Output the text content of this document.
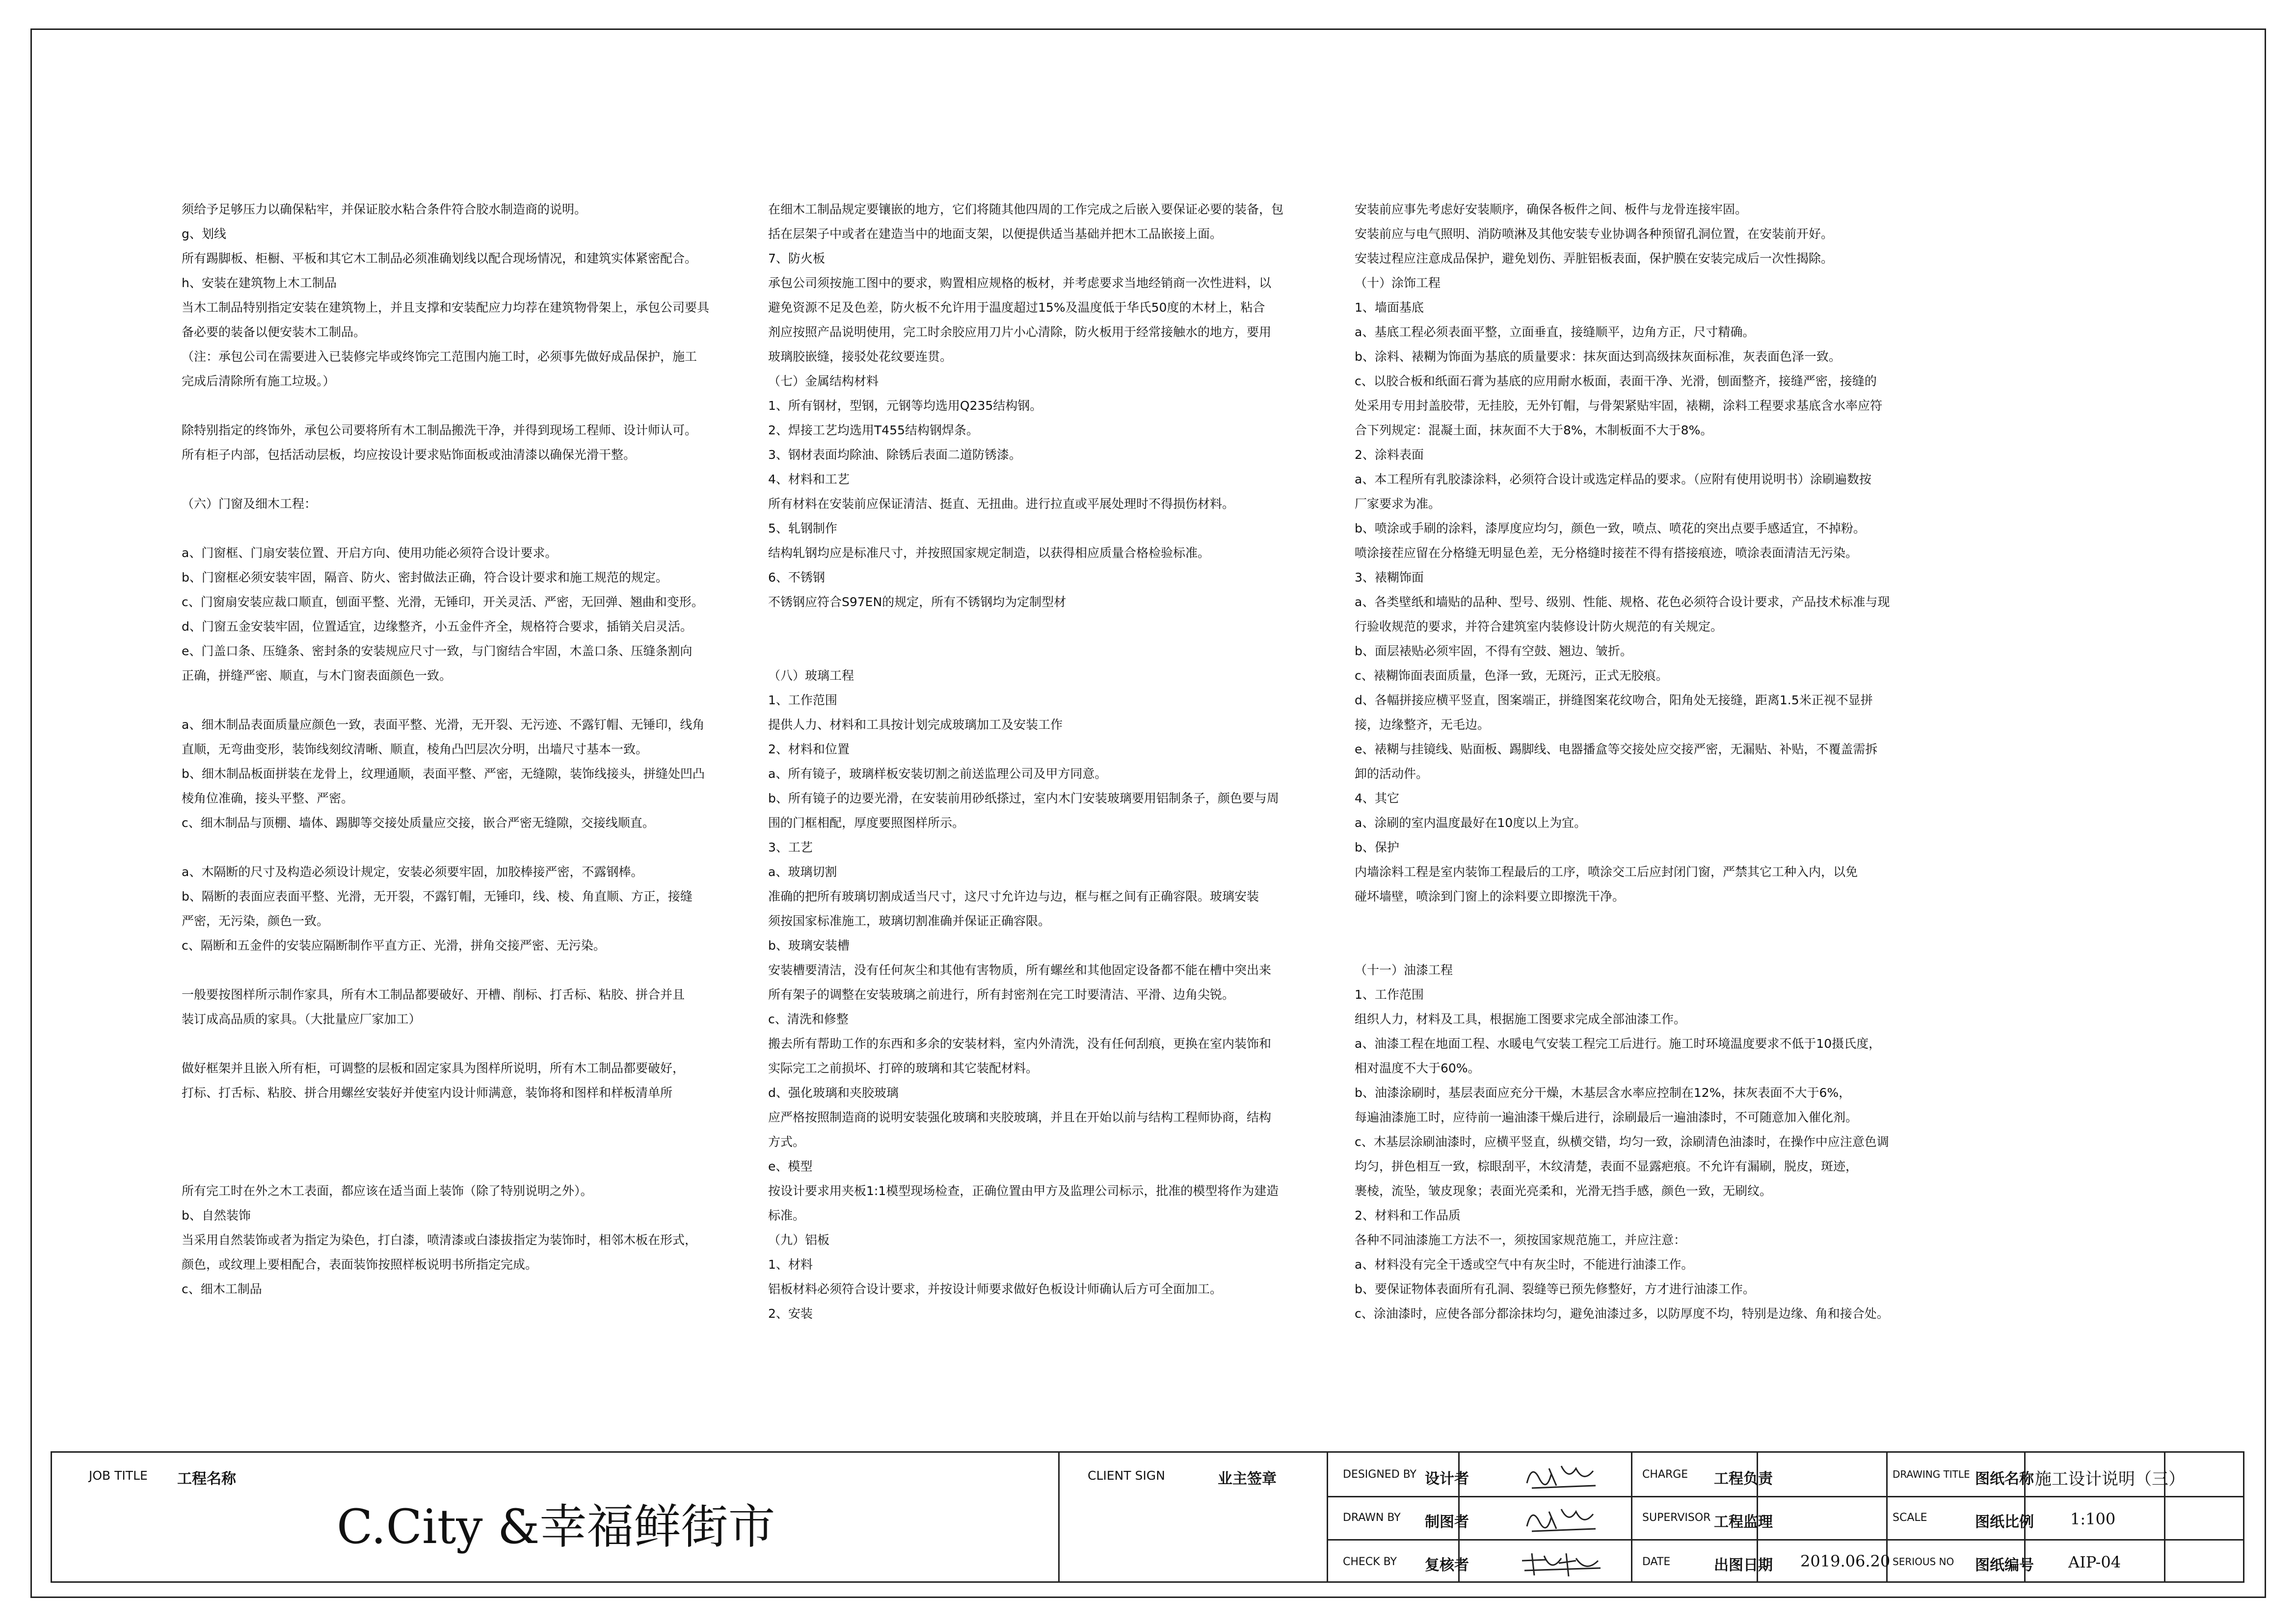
须给予足够压力以确保粘牢，并保证胶水粘合条件符合胶水制造商的说明。
g、划线
所有踢脚板、柜橱、平板和其它木工制品必须准确划线以配合现场情况，和建筑实体紧密配合。
h、安装在建筑物上木工制品
当木工制品特别指定安装在建筑物上，并且支撑和安装配应力均荐在建筑物骨架上，承包公司要具
备必要的装备以便安装木工制品。
（注：承包公司在需要进入已装修完毕或终饰完工范围内施工时，必须事先做好成品保护，施工
完成后清除所有施工垃圾。）
除特别指定的终饰外，承包公司要将所有木工制品搬洗干净，并得到现场工程师、设计师认可。
所有柜子内部，包括活动层板，均应按设计要求贴饰面板或油清漆以确保光滑干整。
（六）门窗及细木工程：
a、门窗框、门扇安装位置、开启方向、使用功能必须符合设计要求。
b、门窗框必须安装牢固，隔音、防火、密封做法正确，符合设计要求和施工规范的规定。
c、门窗扇安装应裁口顺直，刨面平整、光滑，无锤印，开关灵活、严密，无回弹、翘曲和变形。
d、门窗五金安装牢固，位置适宜，边缘整齐，小五金件齐全，规格符合要求，插销关启灵活。
e、门盖口条、压缝条、密封条的安装规应尺寸一致，与门窗结合牢固，木盖口条、压缝条割向
正确，拼缝严密、顺直，与木门窗表面颜色一致。
a、细木制品表面质量应颜色一致，表面平整、光滑，无开裂、无污迹、不露钉帽、无锤印，线角
直顺，无弯曲变形，装饰线刻纹清晰、顺直，棱角凸凹层次分明，出墙尺寸基本一致。
b、细木制品板面拼装在龙骨上，纹理通顺，表面平整、严密，无缝隙，装饰线接头，拼缝处凹凸
棱角位准确，接头平整、严密。
c、细木制品与顶棚、墙体、踢脚等交接处质量应交接，嵌合严密无缝隙，交接线顺直。
a、木隔断的尺寸及构造必须设计规定，安装必须要牢固，加胶棒接严密，不露钢棒。
b、隔断的表面应表面平整、光滑，无开裂，不露钉帽，无锤印，线、棱、角直顺、方正，接缝
严密，无污染，颜色一致。
c、隔断和五金件的安装应隔断制作平直方正、光滑，拼角交接严密、无污染。
一般要按图样所示制作家具，所有木工制品都要破好、开槽、削标、打舌标、粘胶、拼合并且
装订成高品质的家具。（大批量应厂家加工）
做好框架并且嵌入所有柜，可调整的层板和固定家具为图样所说明，所有木工制品都要破好，
打标、打舌标、粘胶、拼合用螺丝安装好并使室内设计师满意，装饰将和图样和样板清单所
所有完工时在外之木工表面，都应该在适当面上装饰（除了特别说明之外）。
b、自然装饰
当采用自然装饰或者为指定为染色，打白漆，喷清漆或白漆拔指定为装饰时，相邻木板在形式，
颜色，或纹理上要相配合，表面装饰按照样板说明书所指定完成。
c、细木工制品
在细木工制品规定要镶嵌的地方，它们将随其他四周的工作完成之后嵌入要保证必要的装备，包
括在层架子中或者在建造当中的地面支架，以便提供适当基础并把木工品嵌接上面。
7、防火板
承包公司须按施工图中的要求，购置相应规格的板材，并考虑要求当地经销商一次性进料，以
避免资源不足及色差，防火板不允许用于温度超过15%及温度低于华氏50度的木材上，粘合
剂应按照产品说明使用，完工时余胶应用刀片小心清除，防火板用于经常接触水的地方，要用
玻璃胶嵌缝，接驳处花纹要连贯。
（七）金属结构材料
1、所有钢材，型钢，元钢等均选用Q235结构钢。
2、焊接工艺均选用T455结构钢焊条。
3、钢材表面均除油、除锈后表面二道防锈漆。
4、材料和工艺
所有材料在安装前应保证清洁、挺直、无扭曲。进行拉直或平展处理时不得损伤材料。
5、轧钢制作
结构轧钢均应是标准尺寸，并按照国家规定制造，以获得相应质量合格检验标准。
6、不锈钢
不锈钢应符合S97EN的规定，所有不锈钢均为定制型材
（八）玻璃工程
1、工作范围
提供人力、材料和工具按计划完成玻璃加工及安装工作
2、材料和位置
a、所有镜子，玻璃样板安装切割之前送监理公司及甲方同意。
b、所有镜子的边要光滑，在安装前用砂纸搽过，室内木门安装玻璃要用铝制条子，颜色要与周
围的门框相配，厚度要照图样所示。
3、工艺
a、玻璃切割
准确的把所有玻璃切割成适当尺寸，这尺寸允许边与边，框与框之间有正确容限。玻璃安装
须按国家标准施工，玻璃切割准确并保证正确容限。
b、玻璃安装槽
安装槽要清洁，没有任何灰尘和其他有害物质，所有螺丝和其他固定设备都不能在槽中突出来
所有架子的调整在安装玻璃之前进行，所有封密剂在完工时要清洁、平滑、边角尖锐。
c、清洗和修整
搬去所有帮助工作的东西和多余的安装材料，室内外清洗，没有任何刮痕，更换在室内装饰和
实际完工之前损坏、打碎的玻璃和其它装配材料。
d、强化玻璃和夹胶玻璃
应严格按照制造商的说明安装强化玻璃和夹胶玻璃，并且在开始以前与结构工程师协商，结构
方式。
e、模型
按设计要求用夹板1:1模型现场检查，正确位置由甲方及监理公司标示，批准的模型将作为建造
标准。
（九）铝板
1、材料
铝板材料必须符合设计要求，并按设计师要求做好色板设计师确认后方可全面加工。
2、安装
安装前应事先考虑好安装顺序，确保各板件之间、板件与龙骨连接牢固。
安装前应与电气照明、消防喷淋及其他安装专业协调各种预留孔洞位置，在安装前开好。
安装过程应注意成品保护，避免划伤、弄脏铝板表面，保护膜在安装完成后一次性揭除。
（十）涂饰工程
1、墙面基底
a、基底工程必须表面平整，立面垂直，接缝顺平，边角方正，尺寸精确。
b、涂料、裱糊为饰面为基底的质量要求：抹灰面达到高级抹灰面标准，灰表面色泽一致。
c、以胶合板和纸面石膏为基底的应用耐水板面，表面干净、光滑，刨面整齐，接缝严密，接缝的
处采用专用封盖胶带，无挂胶，无外钉帽，与骨架紧贴牢固，裱糊，涂料工程要求基底含水率应符
合下列规定：混凝土面，抹灰面不大于8%，木制板面不大于8%。
2、涂料表面
a、本工程所有乳胶漆涂料，必须符合设计或选定样品的要求。（应附有使用说明书）涂刷遍数按
厂家要求为准。
b、喷涂或手刷的涂料，漆厚度应均匀，颜色一致，喷点、喷花的突出点要手感适宜，不掉粉。
喷涂接茬应留在分格缝无明显色差，无分格缝时接茬不得有搭接痕迹，喷涂表面清洁无污染。
3、裱糊饰面
a、各类壁纸和墙贴的品种、型号、级别、性能、规格、花色必须符合设计要求，产品技术标准与现
行验收规范的要求，并符合建筑室内装修设计防火规范的有关规定。
b、面层裱贴必须牢固，不得有空鼓、翘边、皱折。
c、裱糊饰面表面质量，色泽一致，无斑污，正式无胶痕。
d、各幅拼接应横平竖直，图案端正，拼缝图案花纹吻合，阳角处无接缝，距离1.5米正视不显拼
接，边缘整齐，无毛边。
e、裱糊与挂镜线、贴面板、踢脚线、电器播盒等交接处应交接严密，无漏贴、补贴，不覆盖需拆
卸的活动件。
4、其它
a、涂刷的室内温度最好在10度以上为宜。
b、保护
内墙涂料工程是室内装饰工程最后的工序，喷涂交工后应封闭门窗，严禁其它工种入内，以免
碰坏墙壁，喷涂到门窗上的涂料要立即擦洗干净。
（十一）油漆工程
1、工作范围
组织人力，材料及工具，根据施工图要求完成全部油漆工作。
a、油漆工程在地面工程、水暖电气安装工程完工后进行。施工时环境温度要求不低于10摄氏度，
相对温度不大于60%。
b、油漆涂刷时，基层表面应充分干燥，木基层含水率应控制在12%，抹灰表面不大于6%，
每遍油漆施工时，应待前一遍油漆干燥后进行，涂刷最后一遍油漆时，不可随意加入催化剂。
c、木基层涂刷油漆时，应横平竖直，纵横交错，均匀一致，涂刷清色油漆时，在操作中应注意色调
均匀，拼色相互一致，棕眼刮平，木纹清楚，表面不显露疤痕。不允许有漏刷，脱皮，斑迹，
裹棱，流坠，皱皮现象；表面光亮柔和，光滑无挡手感，颜色一致，无刷纹。
2、材料和工作品质
各种不同油漆施工方法不一，须按国家规范施工，并应注意：
a、材料没有完全干透或空气中有灰尘时，不能进行油漆工作。
b、要保证物体表面所有孔洞、裂缝等已预先修整好，方才进行油漆工作。
c、涂油漆时，应使各部分都涂抹均匀，避免油漆过多，以防厚度不均，特别是边缘、角和接合处。
JOB TITLE 工程名称
C.City &幸福鲜街市
CLIENT SIGN	业主签章	DESIGNED BY 设计者
DRAWN BY 制图者
CHECK BY 复核者
CHARGE 工程负责
SUPERVISOR 工程监理
DATE	出图日期 2019.06.20
DRAWING TITLE 图纸名称 施工设计说明（三）
SCALE	图纸比例 1:100
SERIOUS NO 图纸编号 AIP-04
